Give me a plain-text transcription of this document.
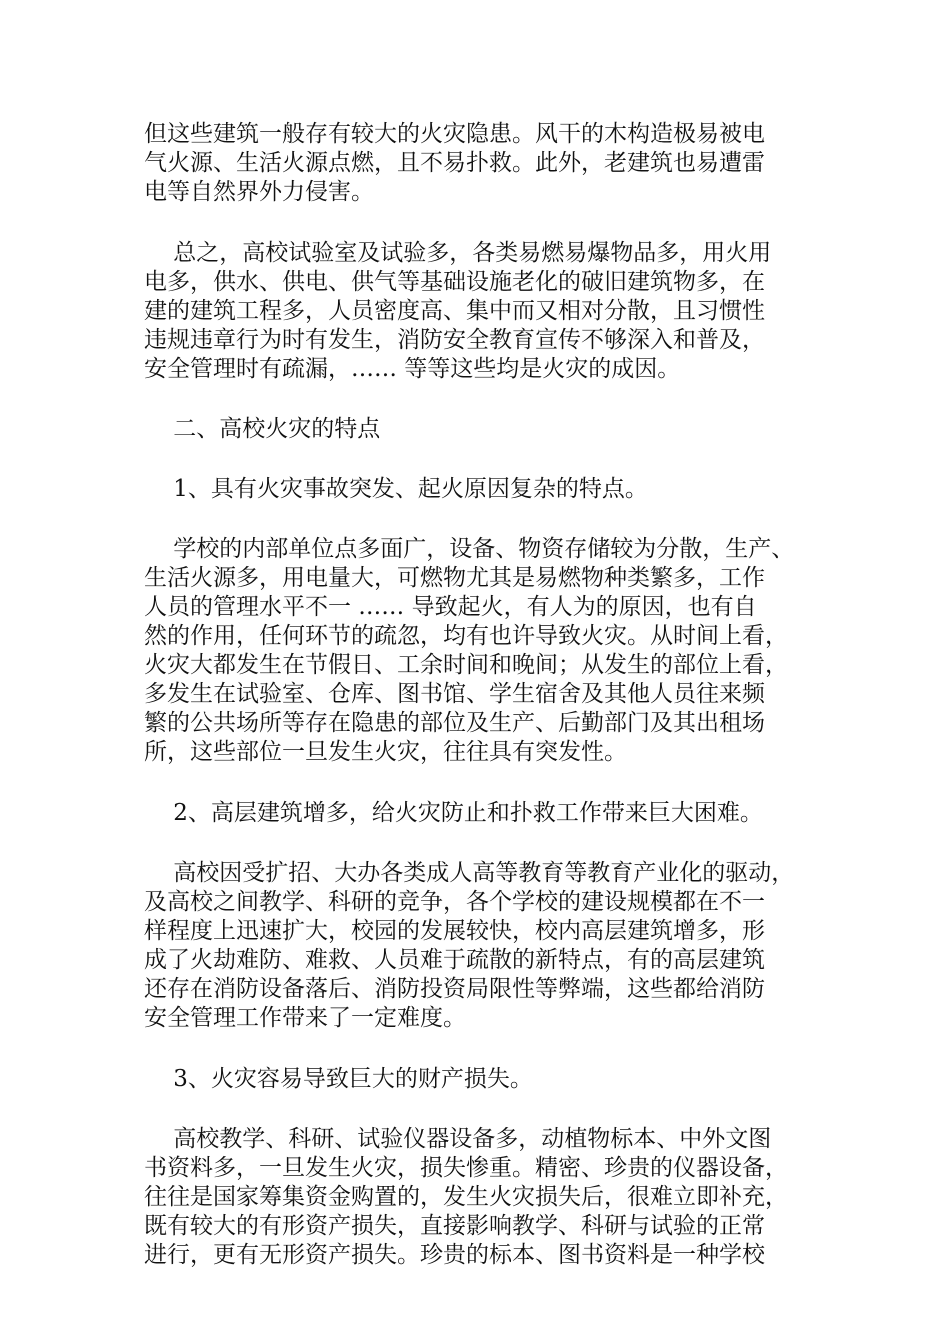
但这些建筑一般存有较大的火灾隐患。风干的木构造极易被电
气火源、生活火源点燃，且不易扑救。此外，老建筑也易遭雷
电等自然界外力侵害。
总之，高校试验室及试验多，各类易燃易爆物品多，用火用
电多，供水、供电、供气等基础设施老化的破旧建筑物多，在
建的建筑工程多，人员密度高、集中而又相对分散，且习惯性
违规违章行为时有发生，消防安全教育宣传不够深入和普及，
安全管理时有疏漏，…… 等等这些均是火灾的成因。
二、高校火灾的特点
1、具有火灾事故突发、起火原因复杂的特点。
学校的内部单位点多面广，设备、物资存储较为分散，生产、
生活火源多，用电量大，可燃物尤其是易燃物种类繁多，工作
人员的管理水平不一 …… 导致起火，有人为的原因，也有自
然的作用，任何环节的疏忽，均有也许导致火灾。从时间上看，
火灾大都发生在节假日、工余时间和晚间；从发生的部位上看，
多发生在试验室、仓库、图书馆、学生宿舍及其他人员往来频
繁的公共场所等存在隐患的部位及生产、后勤部门及其出租场
所，这些部位一旦发生火灾，往往具有突发性。
2、高层建筑增多，给火灾防止和扑救工作带来巨大困难。
高校因受扩招、大办各类成人高等教育等教育产业化的驱动，
及高校之间教学、科研的竞争，各个学校的建设规模都在不一
样程度上迅速扩大，校园的发展较快，校内高层建筑增多，形
成了火劫难防、难救、人员难于疏散的新特点，有的高层建筑
还存在消防设备落后、消防投资局限性等弊端，这些都给消防
安全管理工作带来了一定难度。
3、火灾容易导致巨大的财产损失。
高校教学、科研、试验仪器设备多，动植物标本、中外文图
书资料多，一旦发生火灾，损失惨重。精密、珍贵的仪器设备，
往往是国家筹集资金购置的，发生火灾损失后，很难立即补充，
既有较大的有形资产损失，直接影响教学、科研与试验的正常
进行，更有无形资产损失。珍贵的标本、图书资料是一种学校
